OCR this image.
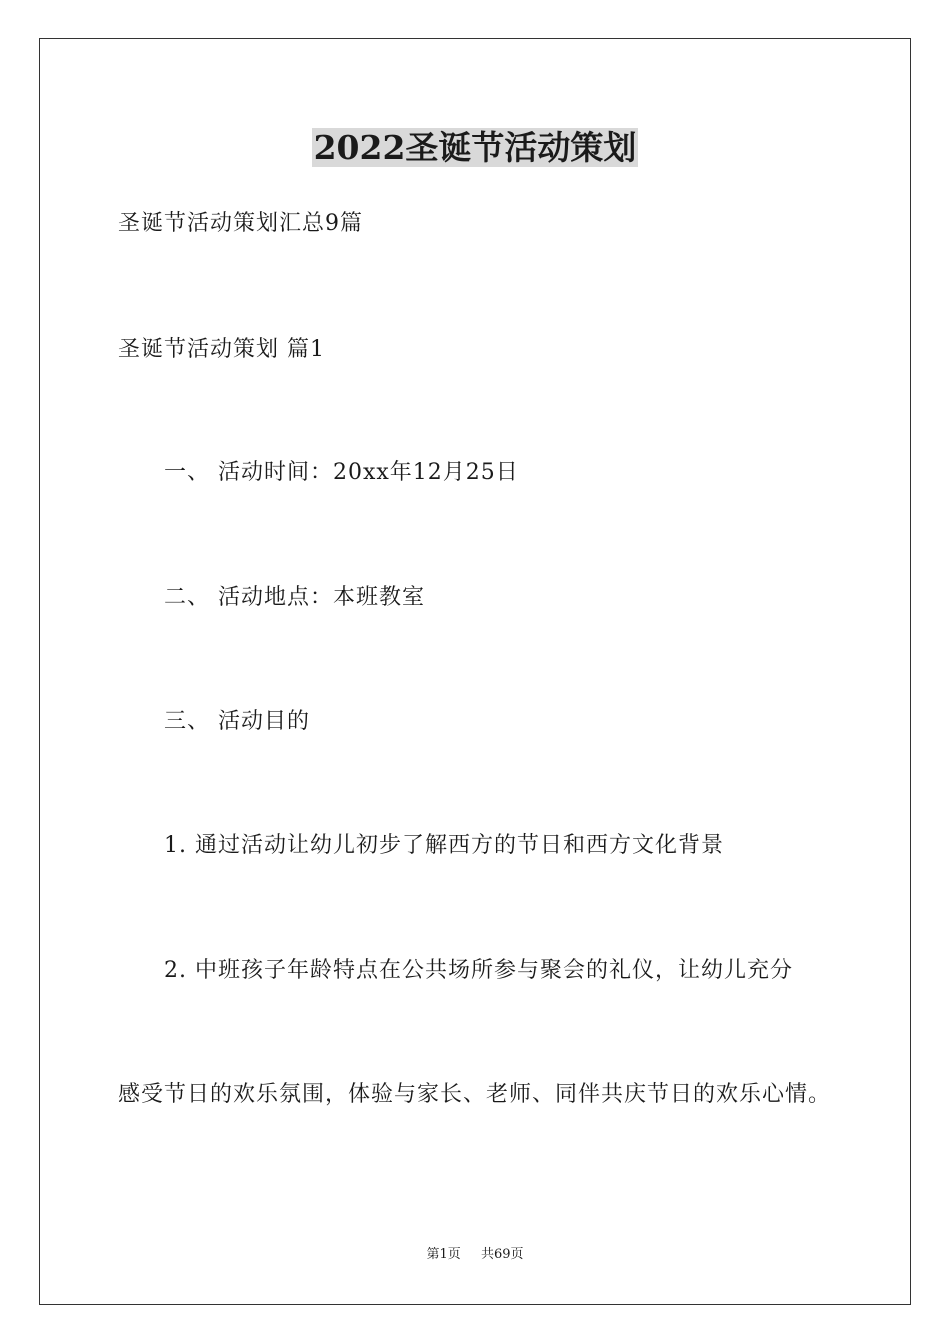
2022圣诞节活动策划
圣诞节活动策划汇总9篇
圣诞节活动策划 篇1
一、 活动时间：20xx年12月25日
二、 活动地点：本班教室
三、 活动目的
1. 通过活动让幼儿初步了解西方的节日和西方文化背景
2. 中班孩子年龄特点在公共场所参与聚会的礼仪，让幼儿充分
感受节日的欢乐氛围，体验与家长、老师、同伴共庆节日的欢乐心情。
第1页 共69页
